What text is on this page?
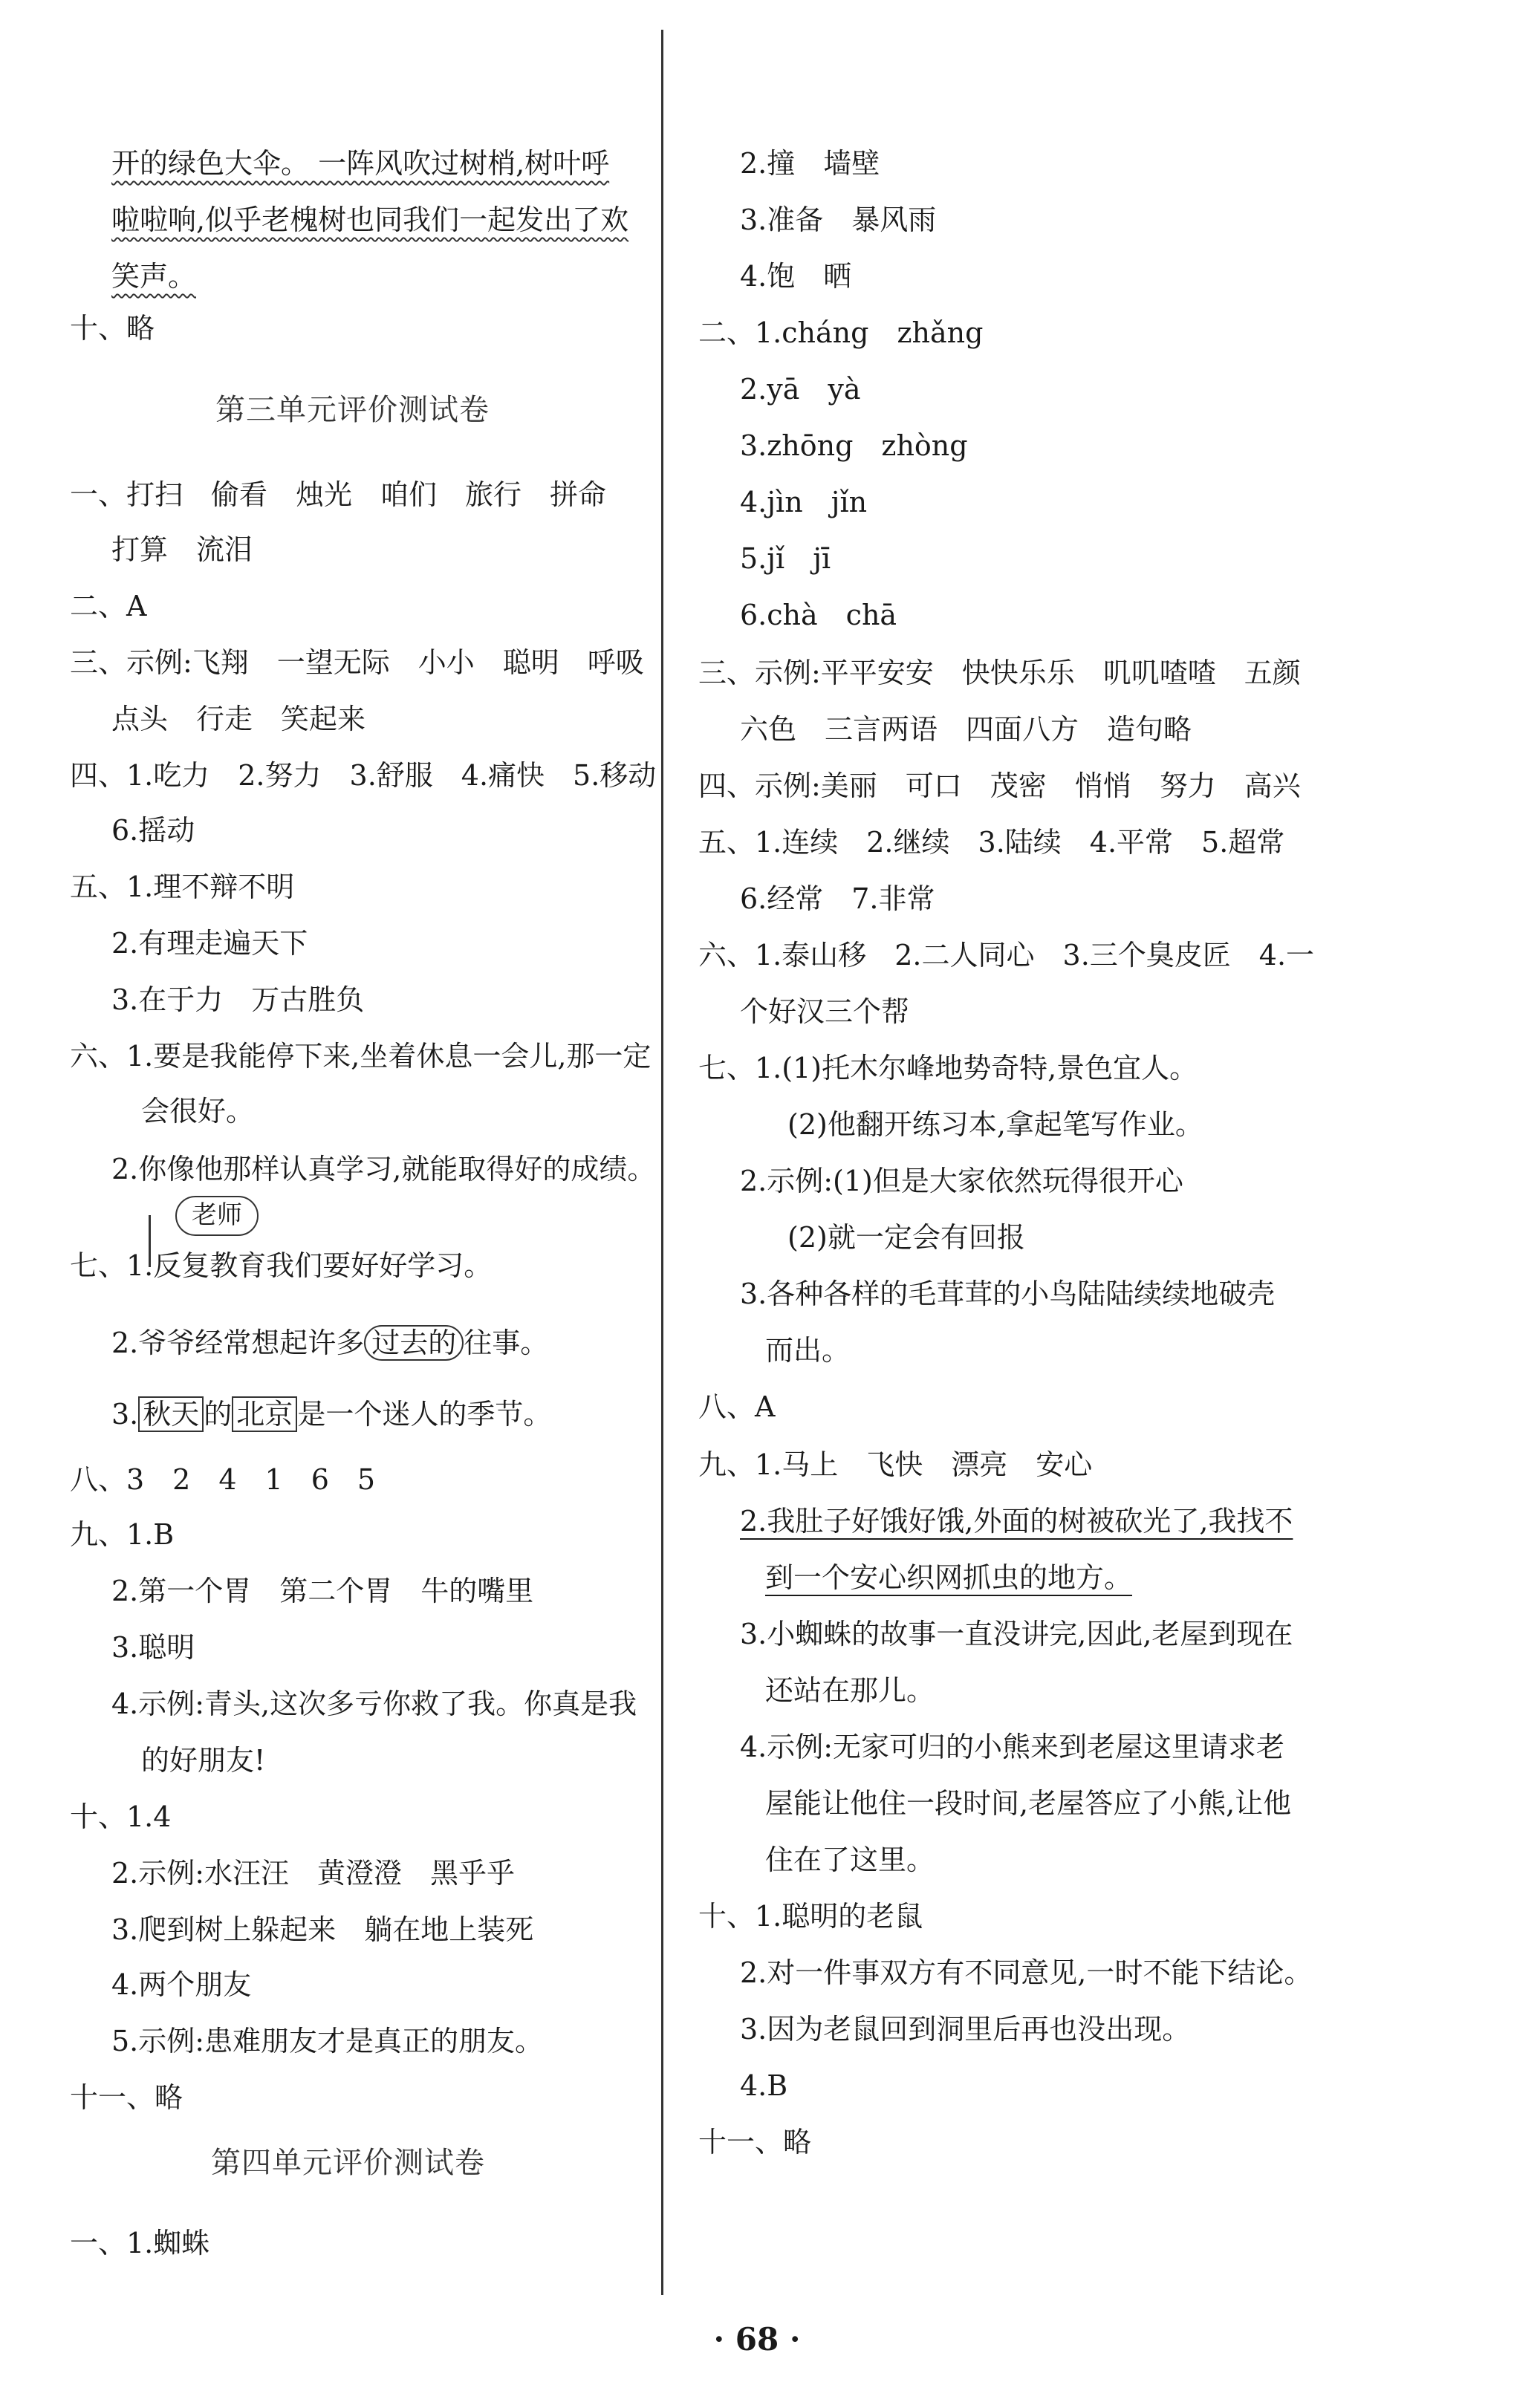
开的绿色大伞。 一阵风吹过树梢,树叶呼
啦啦响,似乎老槐树也同我们一起发出了欢
笑声。
十、略
第三单元评价测试卷
一、打扫　偷看　烛光　咱们　旅行　拼命
打算　流泪
二、A
三、示例:飞翔　一望无际　小小　聪明　呼吸
点头　行走　笑起来
四、1.吃力　2.努力　3.舒服　4.痛快　5.移动
6.摇动
五、1.理不辩不明
2.有理走遍天下
3.在于力　万古胜负
六、1.要是我能停下来,坐着休息一会儿,那一定
会很好。
2.你像他那样认真学习,就能取得好的成绩。
老师
七、1.反复教育我们要好好学习。
2.爷爷经常想起许多 过去的 往事。
3. 秋天 的 北京 是一个迷人的季节。
八、3　2　4　1　6　5
九、1.B
2.第一个胃　第二个胃　牛的嘴里
3.聪明
4.示例:青头,这次多亏你救了我。你真是我
的好朋友!
十、1.4
2.示例:水汪汪　黄澄澄　黑乎乎
3.爬到树上躲起来　躺在地上装死
4.两个朋友
5.示例:患难朋友才是真正的朋友。
十一、略
第四单元评价测试卷
一、1.蜘蛛
2.撞　墙壁
3.准备　暴风雨
4.饱　晒
二、1.cháng　zhǎng
2.yā　yà
3.zhōng　zhòng
4.jìn　jǐn
5.jǐ　jī
6.chà　chā
三、示例:平平安安　快快乐乐　叽叽喳喳　五颜
六色　三言两语　四面八方　造句略
四、示例:美丽　可口　茂密　悄悄　努力　高兴
五、1.连续　2.继续　3.陆续　4.平常　5.超常
6.经常　7.非常
六、1.泰山移　2.二人同心　3.三个臭皮匠　4.一
个好汉三个帮
七、1.(1)托木尔峰地势奇特,景色宜人。
(2)他翻开练习本,拿起笔写作业。
2.示例:(1)但是大家依然玩得很开心
(2)就一定会有回报
3.各种各样的毛茸茸的小鸟陆陆续续地破壳
而出。
八、A
九、1.马上　飞快　漂亮　安心
2.我肚子好饿好饿,外面的树被砍光了,我找不
到一个安心织网抓虫的地方。
3.小蜘蛛的故事一直没讲完,因此,老屋到现在
还站在那儿。
4.示例:无家可归的小熊来到老屋这里请求老
屋能让他住一段时间,老屋答应了小熊,让他
住在了这里。
十、1.聪明的老鼠
2.对一件事双方有不同意见,一时不能下结论。
3.因为老鼠回到洞里后再也没出现。
4.B
十一、略
· 68 ·
